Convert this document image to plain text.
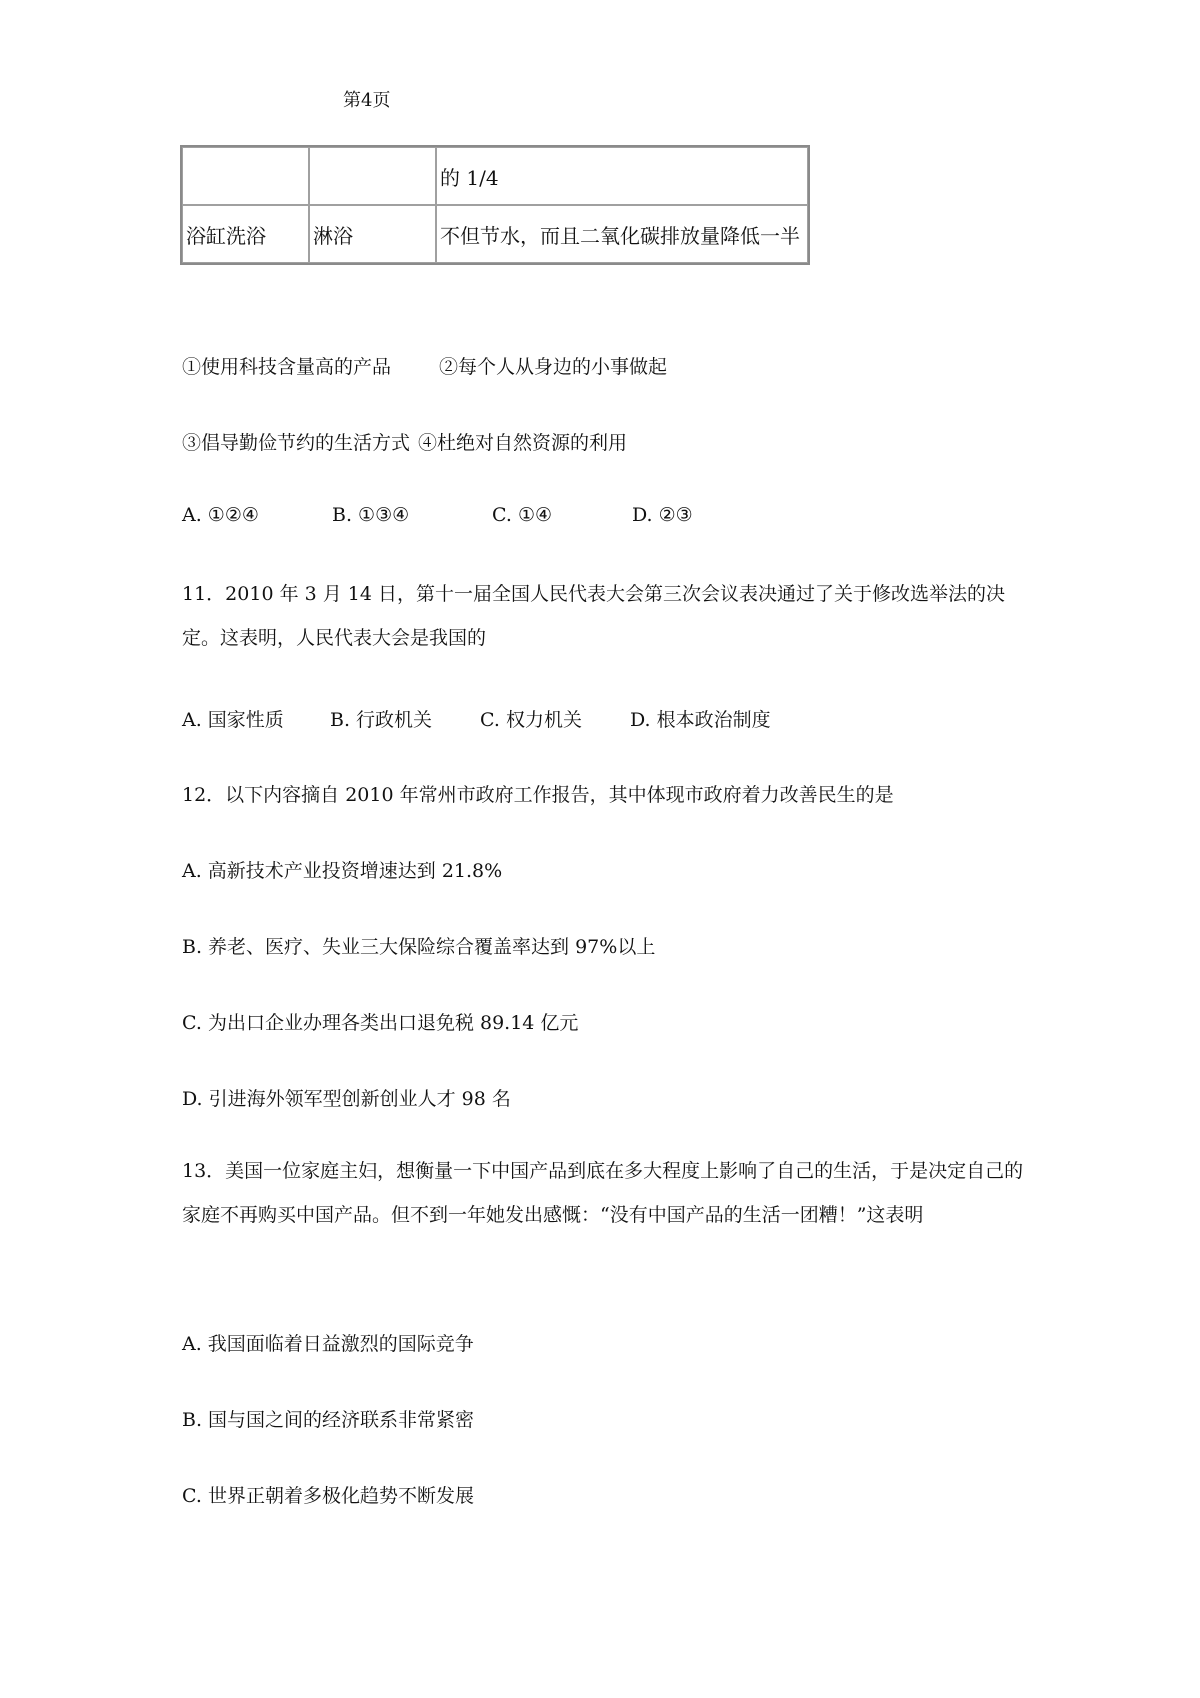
第4页
		的 1/4
浴缸洗浴	淋浴	不但节水，而且二氧化碳排放量降低一半
①使用科技含量高的产品	②每个人从身边的小事做起
③倡导勤俭节约的生活方式 ④杜绝对自然资源的利用
A. ①②④	B. ①③④	C. ①④	D. ②③
11．2010 年 3 月 14 日，第十一届全国人民代表大会第三次会议表决通过了关于修改选举法的决定。这表明，人民代表大会是我国的
A. 国家性质 B. 行政机关	C. 权力机关	D. 根本政治制度
12．以下内容摘自 2010 年常州市政府工作报告，其中体现市政府着力改善民生的是
A. 高新技术产业投资增速达到 21.8%
B. 养老、医疗、失业三大保险综合覆盖率达到 97%以上
C. 为出口企业办理各类出口退免税 89.14 亿元
D. 引进海外领军型创新创业人才 98 名
13．美国一位家庭主妇，想衡量一下中国产品到底在多大程度上影响了自己的生活，于是决定自己的家庭不再购买中国产品。但不到一年她发出感慨：“没有中国产品的生活一团糟！”这表明
A. 我国面临着日益激烈的国际竞争
B. 国与国之间的经济联系非常紧密
C. 世界正朝着多极化趋势不断发展
